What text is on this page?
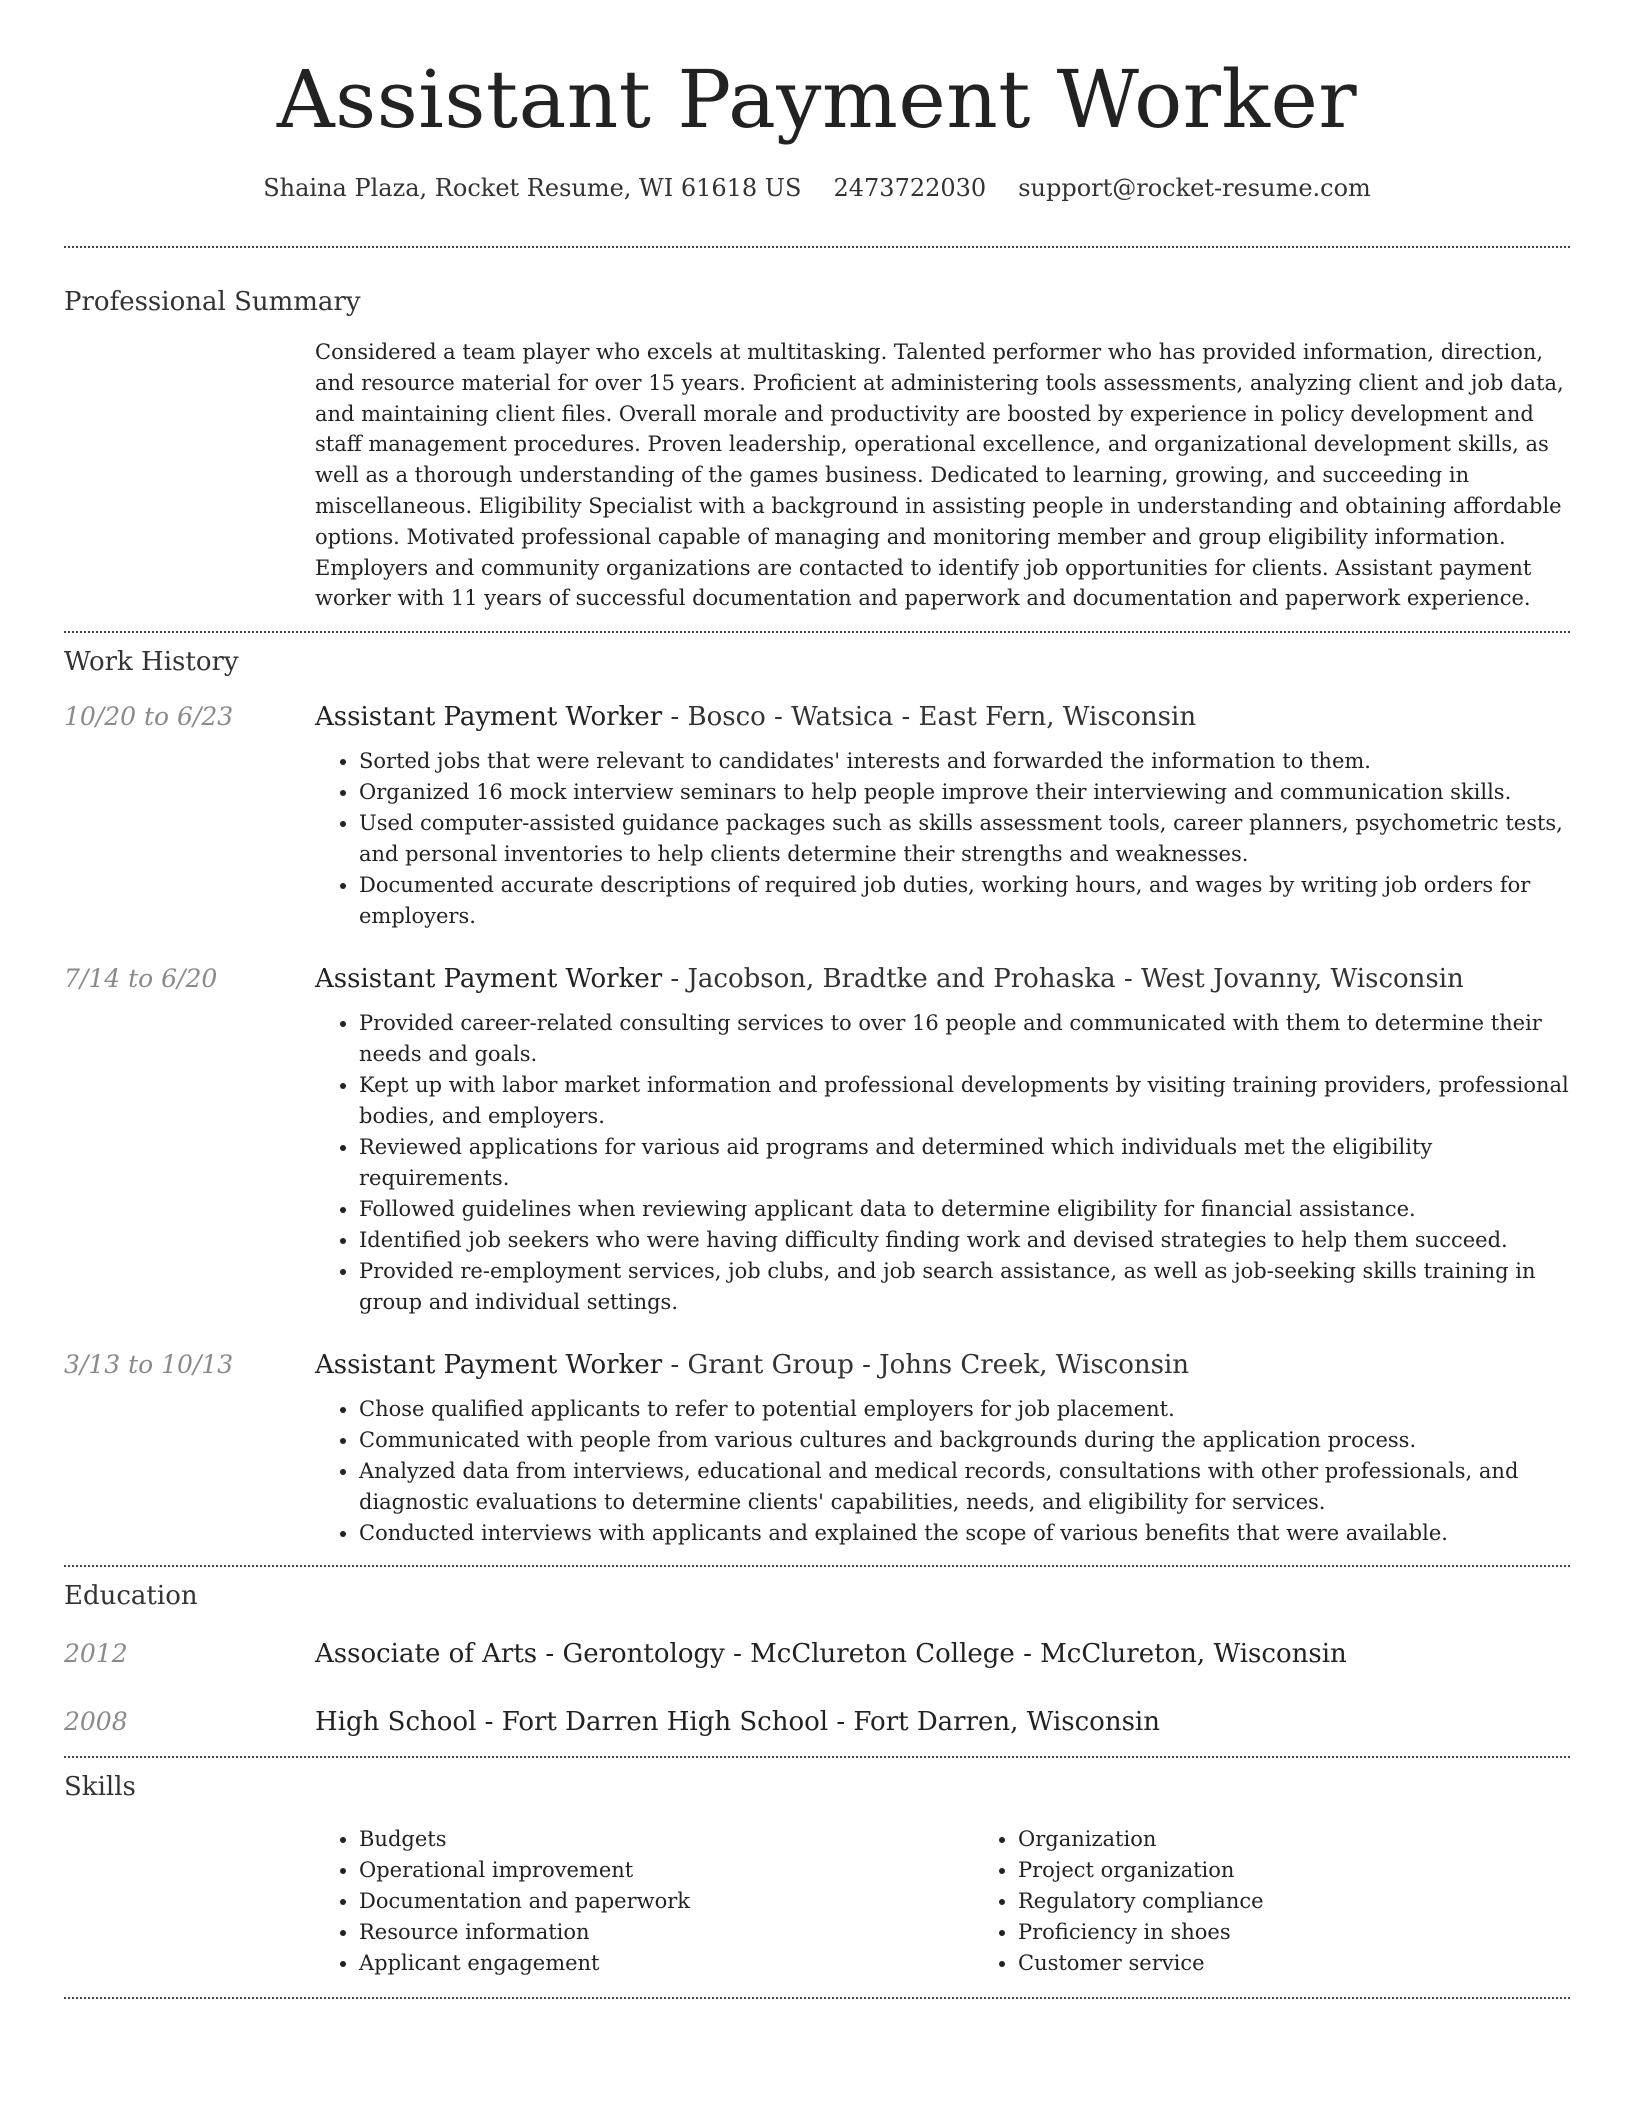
Assistant Payment Worker
Shaina Plaza, Rocket Resume, WI 61618 US 2473722030 support@rocket-resume.com
Professional Summary

Considered a team player who excels at multitasking. Talented performer who has provided information, direction, and resource material for over 15 years. Proficient at administering tools assessments, analyzing client and job data, and maintaining client files. Overall morale and productivity are boosted by experience in policy development and staff management procedures. Proven leadership, operational excellence, and organizational development skills, as well as a thorough understanding of the games business. Dedicated to learning, growing, and succeeding in miscellaneous. Eligibility Specialist with a background in assisting people in understanding and obtaining affordable options. Motivated professional capable of managing and monitoring member and group eligibility information. Employers and community organizations are contacted to identify job opportunities for clients. Assistant payment worker with 11 years of successful documentation and paperwork and documentation and paperwork experience.

Work History
10/20 to 6/23	Assistant Payment Worker - Bosco - Watsica - East Fern, Wisconsin
• Sorted jobs that were relevant to candidates' interests and forwarded the information to them.
• Organized 16 mock interview seminars to help people improve their interviewing and communication skills.
• Used computer-assisted guidance packages such as skills assessment tools, career planners, psychometric tests, and personal inventories to help clients determine their strengths and weaknesses.
• Documented accurate descriptions of required job duties, working hours, and wages by writing job orders for employers.
7/14 to 6/20	Assistant Payment Worker - Jacobson, Bradtke and Prohaska - West Jovanny, Wisconsin
• Provided career-related consulting services to over 16 people and communicated with them to determine their needs and goals.
• Kept up with labor market information and professional developments by visiting training providers, professional bodies, and employers.
• Reviewed applications for various aid programs and determined which individuals met the eligibility requirements.
• Followed guidelines when reviewing applicant data to determine eligibility for financial assistance.
• Identified job seekers who were having difficulty finding work and devised strategies to help them succeed.
• Provided re-employment services, job clubs, and job search assistance, as well as job-seeking skills training in group and individual settings.
3/13 to 10/13	Assistant Payment Worker - Grant Group - Johns Creek, Wisconsin
• Chose qualified applicants to refer to potential employers for job placement.
• Communicated with people from various cultures and backgrounds during the application process.
• Analyzed data from interviews, educational and medical records, consultations with other professionals, and diagnostic evaluations to determine clients' capabilities, needs, and eligibility for services.
• Conducted interviews with applicants and explained the scope of various benefits that were available.
Education
2012	Associate of Arts - Gerontology - McClureton College - McClureton, Wisconsin
2008	High School - Fort Darren High School - Fort Darren, Wisconsin
Skills
• Budgets
• Operational improvement
• Documentation and paperwork
• Resource information
• Applicant engagement
• Organization
• Project organization
• Regulatory compliance
• Proficiency in shoes
• Customer service
